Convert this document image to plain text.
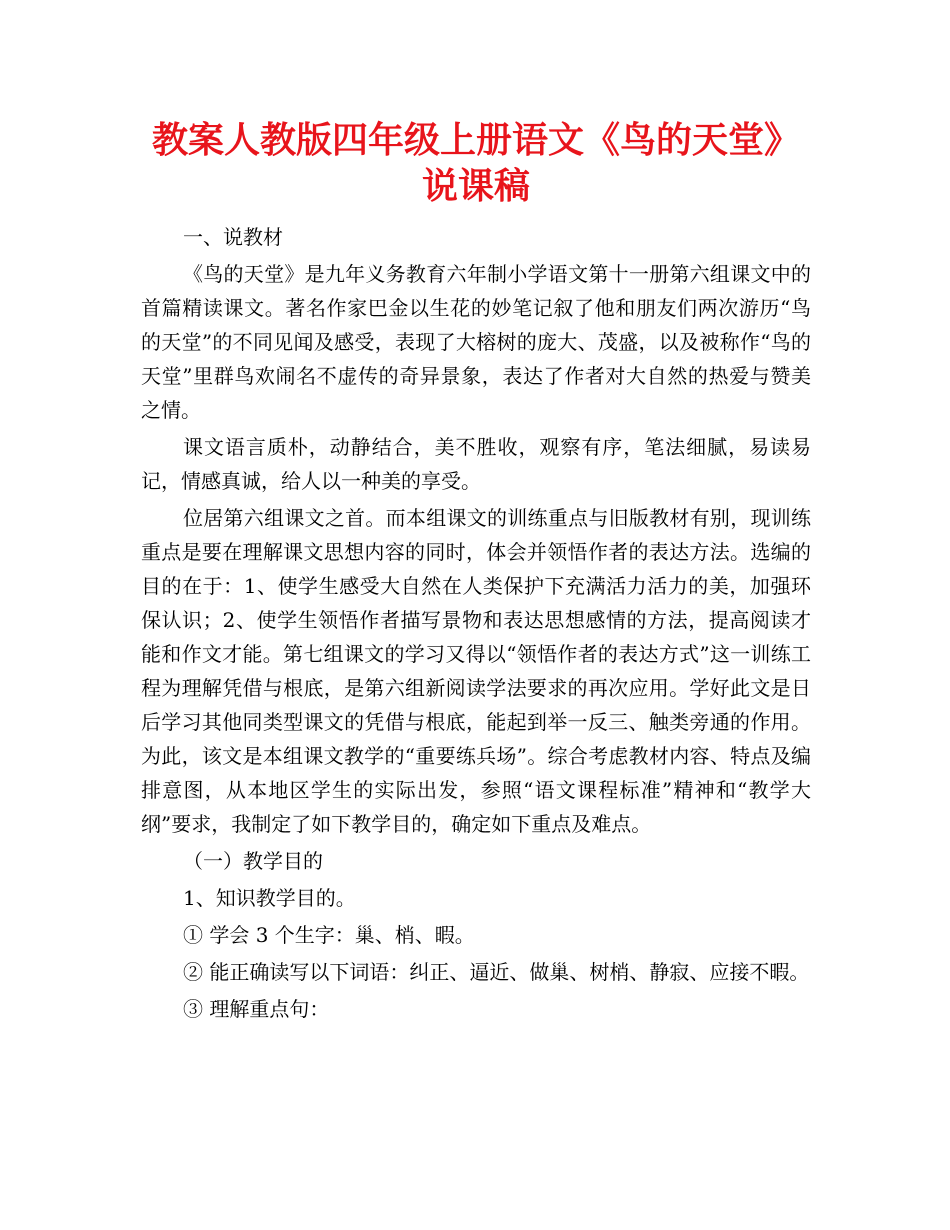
教案人教版四年级上册语文《鸟的天堂》
说课稿

一、说教材

《鸟的天堂》是九年义务教育六年制小学语文第十一册第六组课文中的首篇精读课文。著名作家巴金以生花的妙笔记叙了他和朋友们两次游历“鸟的天堂”的不同见闻及感受，表现了大榕树的庞大、茂盛，以及被称作“鸟的天堂”里群鸟欢闹名不虚传的奇异景象，表达了作者对大自然的热爱与赞美之情。

课文语言质朴，动静结合，美不胜收，观察有序，笔法细腻，易读易记，情感真诚，给人以一种美的享受。

位居第六组课文之首。而本组课文的训练重点与旧版教材有别，现训练重点是要在理解课文思想内容的同时，体会并领悟作者的表达方法。选编的目的在于：1、使学生感受大自然在人类保护下充满活力活力的美，加强环保认识；2、使学生领悟作者描写景物和表达思想感情的方法，提高阅读才能和作文才能。第七组课文的学习又得以“领悟作者的表达方式”这一训练工程为理解凭借与根底，是第六组新阅读学法要求的再次应用。学好此文是日后学习其他同类型课文的凭借与根底，能起到举一反三、触类旁通的作用。为此，该文是本组课文教学的“重要练兵场”。综合考虑教材内容、特点及编排意图，从本地区学生的实际出发，参照“语文课程标准”精神和“教学大纲”要求，我制定了如下教学目的，确定如下重点及难点。

（一）教学目的

1、知识教学目的。

① 学会 3 个生字：巢、梢、暇。

② 能正确读写以下词语：纠正、逼近、做巢、树梢、静寂、应接不暇。

③ 理解重点句：
